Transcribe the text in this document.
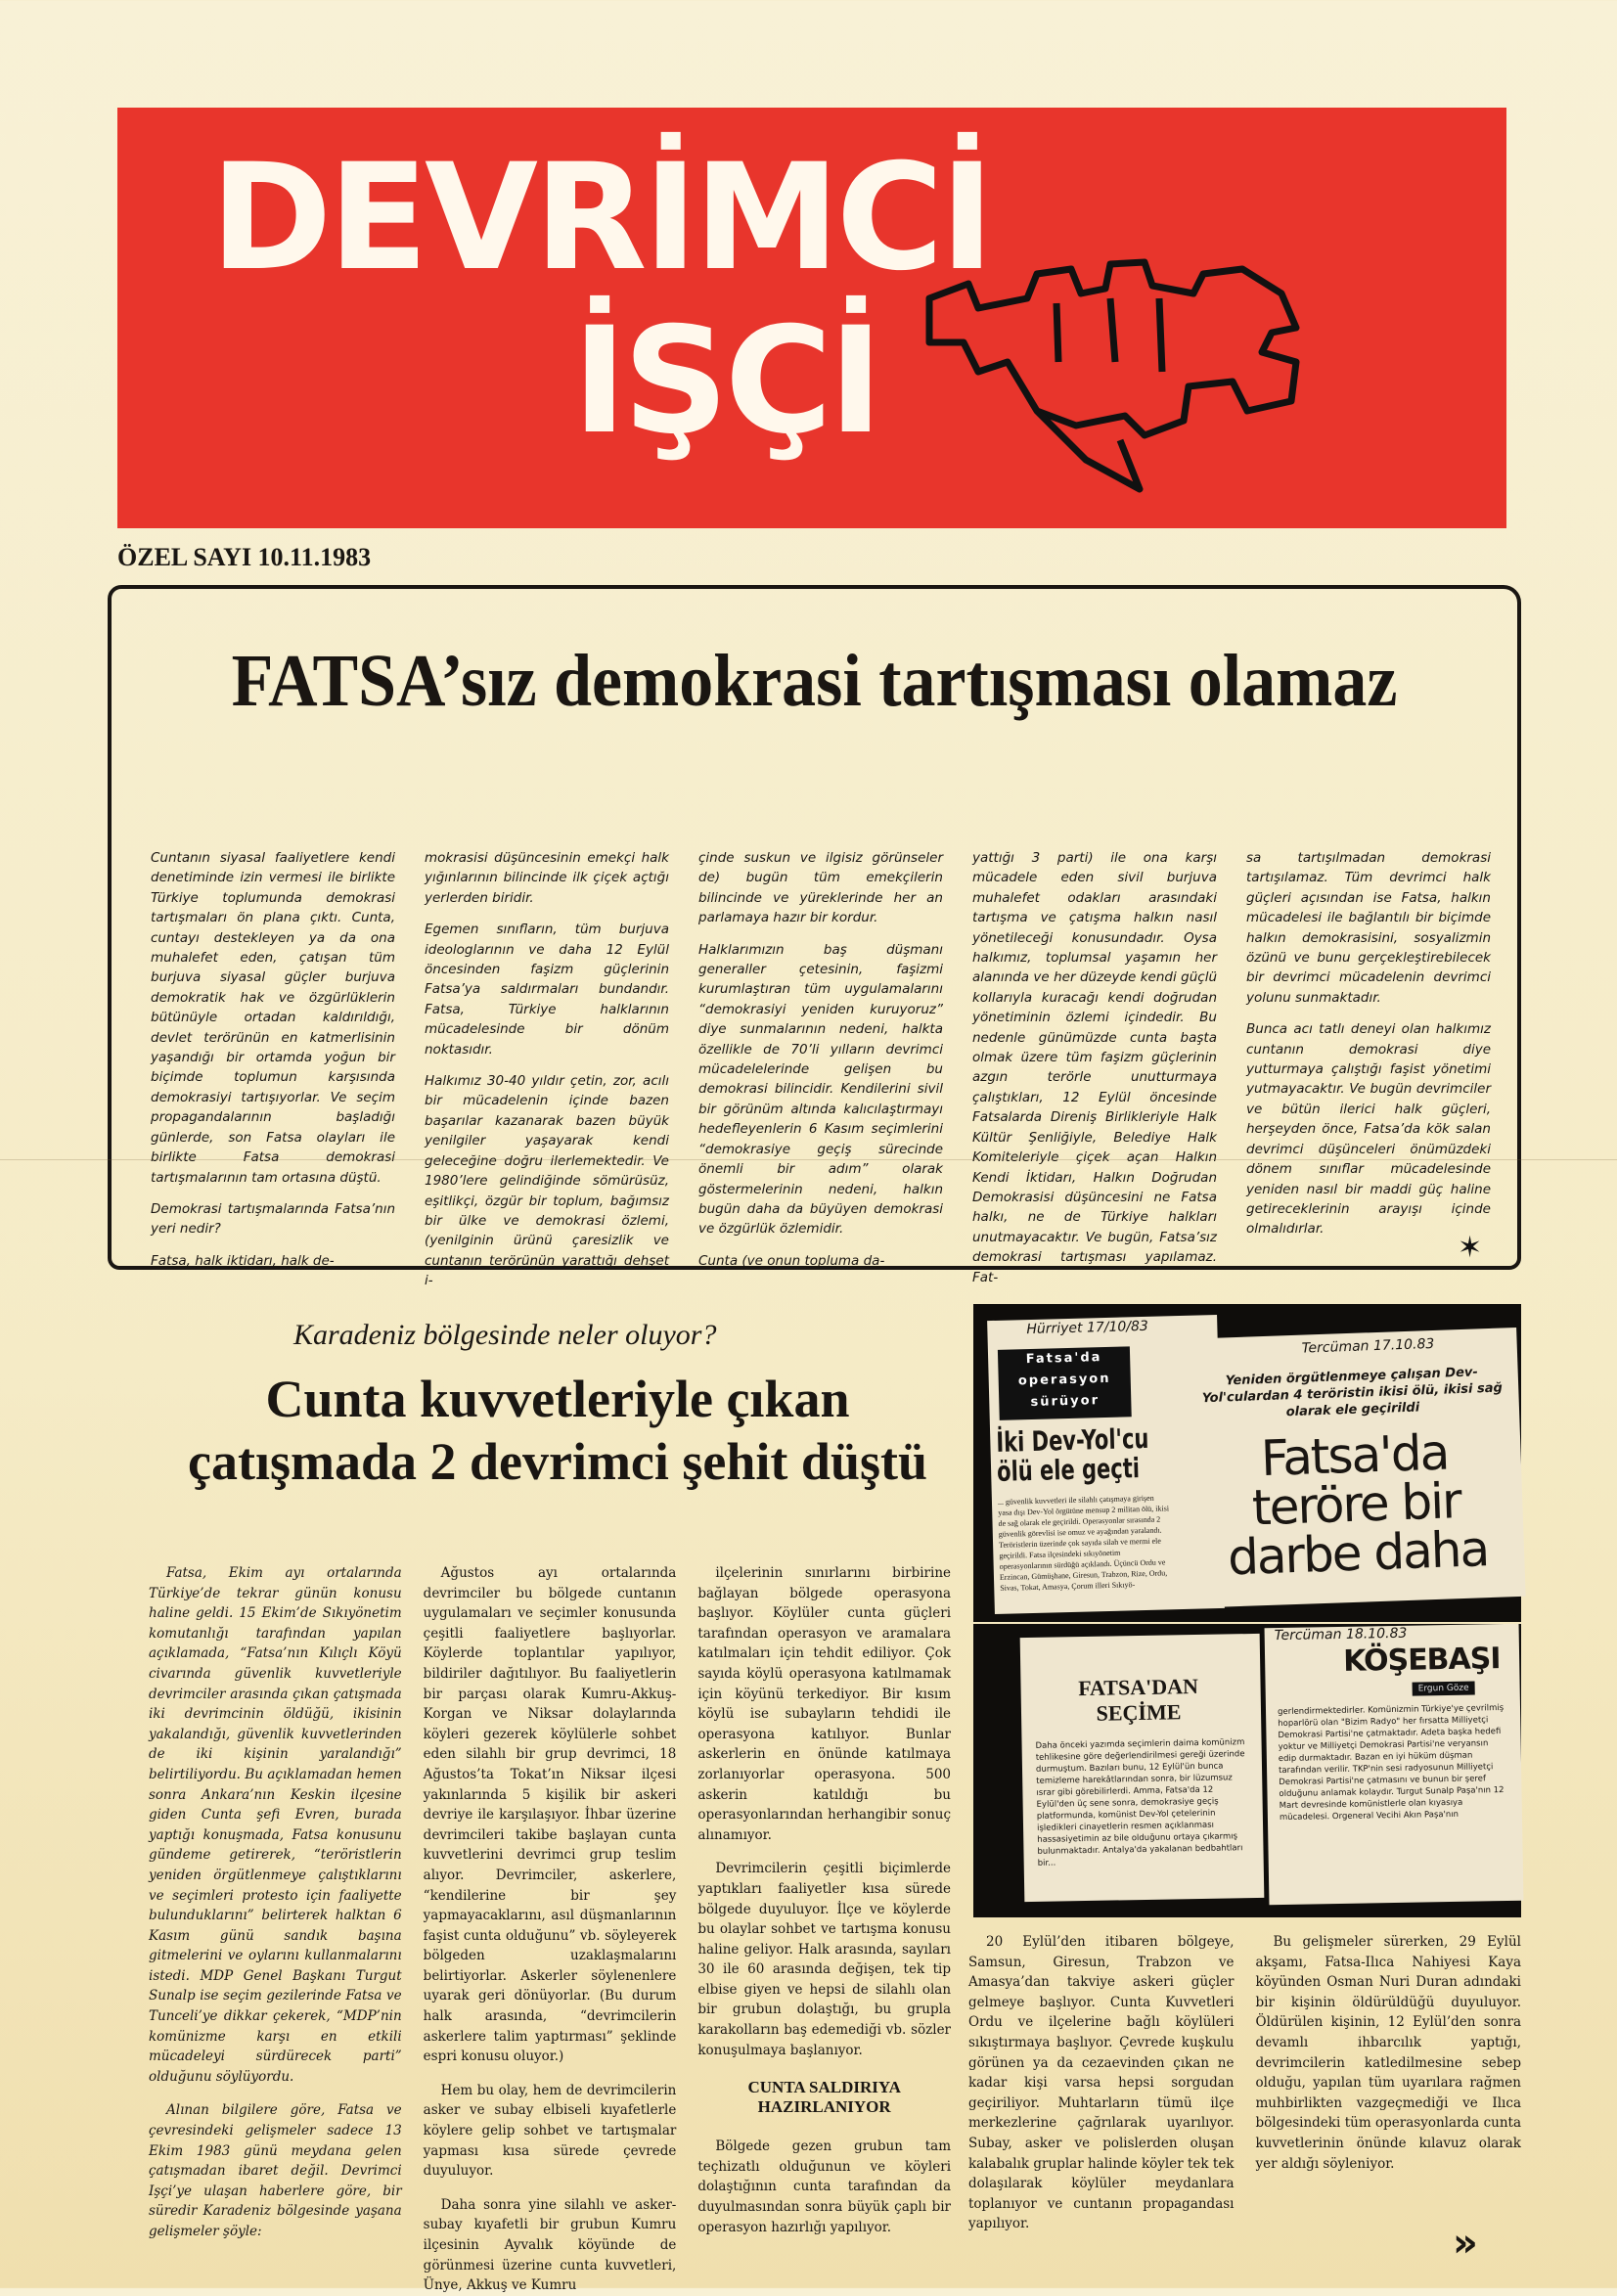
DEVRİMCİ
İŞÇİ
ÖZEL SAYI 10.11.1983
FATSA’sız demokrasi tartışması olamaz

Cuntanın siyasal faaliyetlere kendi denetiminde izin vermesi ile birlikte Türkiye toplumunda demokrasi tartışmaları ön plana çıktı. Cunta, cuntayı destekleyen ya da ona muhalefet eden, çatışan tüm burjuva siyasal güçler burjuva demokratik hak ve özgürlüklerin bütünüyle ortadan kaldırıldığı, devlet terörünün en katmerlisinin yaşandığı bir ortamda yoğun bir biçimde toplumun karşısında demokrasiyi tartışıyorlar. Ve seçim propagandalarının başladığı günlerde, son Fatsa olayları ile birlikte Fatsa demokrasi tartışmalarının tam ortasına düştü.

Demokrasi tartışmalarında Fatsa’nın yeri nedir?

Fatsa, halk iktidarı, halk de-

mokrasisi düşüncesinin emekçi halk yığınlarının bilincinde ilk çiçek açtığı yerlerden biridir.

Egemen sınıfların, tüm burjuva ideologlarının ve daha 12 Eylül öncesinden faşizm güçlerinin Fatsa’ya saldırmaları bundandır. Fatsa, Türkiye halklarının mücadelesinde bir dönüm noktasıdır.

Halkımız 30-40 yıldır çetin, zor, acılı bir mücadelenin içinde bazen başarılar kazanarak bazen büyük yenilgiler yaşayarak kendi geleceğine doğru ilerlemektedir. Ve 1980’lere gelindiğinde sömürüsüz, eşitlikçi, özgür bir toplum, bağımsız bir ülke ve demokrasi özlemi, (yenilginin ürünü çaresizlik ve cuntanın terörünün yarattığı dehşet i-

çinde suskun ve ilgisiz görünseler de) bugün tüm emekçilerin bilincinde ve yüreklerinde her an parlamaya hazır bir kordur.

Halklarımızın baş düşmanı generaller çetesinin, faşizmi kurumlaştıran tüm uygulamalarını “demokrasiyi yeniden kuruyoruz” diye sunmalarının nedeni, halkta özellikle de 70’li yılların devrimci mücadelelerinde gelişen bu demokrasi bilincidir. Kendilerini sivil bir görünüm altında kalıcılaştırmayı hedefleyenlerin 6 Kasım seçimlerini “demokrasiye geçiş sürecinde önemli bir adım” olarak göstermelerinin nedeni, halkın bugün daha da büyüyen demokrasi ve özgürlük özlemidir.

Cunta (ve onun topluma da-

yattığı 3 parti) ile ona karşı mücadele eden sivil burjuva muhalefet odakları arasındaki tartışma ve çatışma halkın nasıl yönetileceği konusundadır. Oysa halkımız, toplumsal yaşamın her alanında ve her düzeyde kendi güçlü kollarıyla kuracağı kendi doğrudan yönetiminin özlemi içindedir. Bu nedenle günümüzde cunta başta olmak üzere tüm faşizm güçlerinin azgın terörle unutturmaya çalıştıkları, 12 Eylül öncesinde Fatsalarda Direniş Birlikleriyle Halk Kültür Şenliğiyle, Belediye Halk Komiteleriyle çiçek açan Halkın Kendi İktidarı, Halkın Doğrudan Demokrasisi düşüncesini ne Fatsa halkı, ne de Türkiye halkları unutmayacaktır. Ve bugün, Fatsa’sız demokrasi tartışması yapılamaz. Fat-

sa tartışılmadan demokrasi tartışılamaz. Tüm devrimci halk güçleri açısından ise Fatsa, halkın mücadelesi ile bağlantılı bir biçimde halkın demokrasisini, sosyalizmin özünü ve bunu gerçekleştirebilecek bir devrimci mücadelenin devrimci yolunu sunmaktadır.

Bunca acı tatlı deneyi olan halkımız cuntanın demokrasi diye yutturmaya çalıştığı faşist yönetimi yutmayacaktır. Ve bugün devrimciler ve bütün ilerici halk güçleri, herşeyden önce, Fatsa’da kök salan devrimci düşünceleri önümüzdeki dönem sınıflar mücadelesinde yeniden nasıl bir maddi güç haline getireceklerinin arayışı içinde olmalıdırlar.

✶
Karadeniz bölgesinde neler oluyor?
Cunta kuvvetleriyle çıkan çatışmada 2 devrimci şehit düştü

Fatsa, Ekim ayı ortalarında Türkiye’de tekrar günün konusu haline geldi. 15 Ekim’de Sıkıyönetim komutanlığı tarafından yapılan açıklamada, “Fatsa’nın Kılıçlı Köyü civarında güvenlik kuvvetleriyle devrimciler arasında çıkan çatışmada iki devrimcinin öldüğü, ikisinin yakalandığı, güvenlik kuvvetlerinden de iki kişinin yaralandığı” belirtiliyordu. Bu açıklamadan hemen sonra Ankara’nın Keskin ilçesine giden Cunta şefi Evren, burada yaptığı konuşmada, Fatsa konusunu gündeme getirerek, “teröristlerin yeniden örgütlenmeye çalıştıklarını ve seçimleri protesto için faaliyette bulunduklarını” belirterek halktan 6 Kasım günü sandık başına gitmelerini ve oylarını kullanmalarını istedi. MDP Genel Başkanı Turgut Sunalp ise seçim gezilerinde Fatsa ve Tunceli’ye dikkar çekerek, “MDP’nin komünizme karşı en etkili mücadeleyi sürdürecek parti” olduğunu söylüyordu.

Alınan bilgilere göre, Fatsa ve çevresindeki gelişmeler sadece 13 Ekim 1983 günü meydana gelen çatışmadan ibaret değil. Devrimci Işçi’ye ulaşan haberlere göre, bir süredir Karadeniz bölgesinde yaşana gelişmeler şöyle:

Ağustos ayı ortalarında devrimciler bu bölgede cuntanın uygulamaları ve seçimler konusunda çeşitli faaliyetlere başlıyorlar. Köylerde toplantılar yapılıyor, bildiriler dağıtılıyor. Bu faaliyetlerin bir parçası olarak Kumru-Akkuş-Korgan ve Niksar dolaylarında köyleri gezerek köylülerle sohbet eden silahlı bir grup devrimci, 18 Ağustos’ta Tokat’ın Niksar ilçesi yakınlarında 5 kişilik bir askeri devriye ile karşılaşıyor. İhbar üzerine devrimcileri takibe başlayan cunta kuvvetlerini devrimci grup teslim alıyor. Devrimciler, askerlere, “kendilerine bir şey yapmayacaklarını, asıl düşmanlarının faşist cunta olduğunu” vb. söyleyerek bölgeden uzaklaşmalarını belirtiyorlar. Askerler söylenenlere uyarak geri dönüyorlar. (Bu durum halk arasında, “devrimcilerin askerlere talim yaptırması” şeklinde espri konusu oluyor.)

Hem bu olay, hem de devrimcilerin asker ve subay elbiseli kıyafetlerle köylere gelip sohbet ve tartışmalar yapması kısa sürede çevrede duyuluyor.

Daha sonra yine silahlı ve asker-subay kıyafetli bir grubun Kumru ilçesinin Ayvalık köyünde de görünmesi üzerine cunta kuvvetleri, Ünye, Akkuş ve Kumru

ilçelerinin sınırlarını birbirine bağlayan bölgede operasyona başlıyor. Köylüler cunta güçleri tarafından operasyon ve aramalara katılmaları için tehdit ediliyor. Çok sayıda köylü operasyona katılmamak için köyünü terkediyor. Bir kısım köylü ise subayların tehdidi ile operasyona katılıyor. Bunlar askerlerin en önünde katılmaya zorlanıyorlar operasyona. 500 askerin katıldığı bu operasyonlarından herhangibir sonuç alınamıyor.

Devrimcilerin çeşitli biçimlerde yaptıkları faaliyetler kısa sürede bölgede duyuluyor. İlçe ve köylerde bu olaylar sohbet ve tartışma konusu haline geliyor. Halk arasında, sayıları 30 ile 60 arasında değişen, tek tip elbise giyen ve hepsi de silahlı olan bir grubun dolaştığı, bu grupla karakolların baş edemediği vb. sözler konuşulmaya başlanıyor.

CUNTA SALDIRIYA HAZIRLANIYOR

Bölgede gezen grubun tam teçhizatlı olduğunun ve köyleri dolaştığının cunta tarafından da duyulmasından sonra büyük çaplı bir operasyon hazırlığı yapılıyor.

Hürriyet 17/10/83
Fatsa'da operasyon sürüyor
İki Dev-Yol'cu ölü ele geçti
... güvenlik kuvvetleri ile silahlı çatışmaya girişen yasa dışı Dev-Yol örgütüne mensup 2 militan ölü, ikisi de sağ olarak ele geçirildi. Operasyonlar sırasında 2 güvenlik görevlisi ise omuz ve ayağından yaralandı. Teröristlerin üzerinde çok sayıda silah ve mermi ele geçirildi. Fatsa ilçesindeki sıkıyönetim operasyonlarının sürdüğü açıklandı. Üçüncü Ordu ve Erzincan, Gümüşhane, Giresun, Trabzon, Rize, Ordu, Sivas, Tokat, Amasya, Çorum illeri Sıkıyö-
Tercüman 17.10.83
Yeniden örgütlenmeye çalışan Dev-Yol'culardan 4 teröristin ikisi ölü, ikisi sağ olarak ele geçirildi
Fatsa'da teröre bir darbe daha
FATSA'DAN SEÇİME
Daha önceki yazımda seçimlerin daima komünizm tehlikesine göre değerlendirilmesi gereği üzerinde durmuştum. Bazıları bunu, 12 Eylül'ün bunca temizleme harekâtlarından sonra, bir lüzumsuz ısrar gibi görebilirlerdi. Amma, Fatsa'da 12 Eylül'den üç sene sonra, demokrasiye geçiş platformunda, komünist Dev-Yol çetelerinin işledikleri cinayetlerin resmen açıklanması hassasiyetimin az bile olduğunu ortaya çıkarmış bulunmaktadır. Antalya'da yakalanan bedbahtları bir...
Tercüman 18.10.83
KÖŞEBAŞI
Ergun Göze
gerlendirmektedirler. Komünizmin Türkiye'ye çevrilmiş hoparlörü olan "Bizim Radyo" her fırsatta Milliyetçi Demokrasi Partisi'ne çatmaktadır. Adeta başka hedefi yoktur ve Milliyetçi Demokrasi Partisi'ne veryansın edip durmaktadır. Bazan en iyi hüküm düşman tarafından verilir. TKP'nin sesi radyosunun Milliyetçi Demokrasi Partisi'ne çatmasını ve bunun bir şeref olduğunu anlamak kolaydır. Turgut Sunalp Paşa'nın 12 Mart devresinde komünistlerle olan kıyasıya mücadelesi. Orgeneral Vecihi Akın Paşa'nın

20 Eylül’den itibaren bölgeye, Samsun, Giresun, Trabzon ve Amasya’dan takviye askeri güçler gelmeye başlıyor. Cunta Kuvvetleri Ordu ve ilçelerine bağlı köylüleri sıkıştırmaya başlıyor. Çevrede kuşkulu görünen ya da cezaevinden çıkan ne kadar kişi varsa hepsi sorgudan geçiriliyor. Muhtarların tümü ilçe merkezlerine çağrılarak uyarılıyor. Subay, asker ve polislerden oluşan kalabalık gruplar halinde köyler tek tek dolaşılarak köylüler meydanlara toplanıyor ve cuntanın propagandası yapılıyor.

Bu gelişmeler sürerken, 29 Eylül akşamı, Fatsa-Ilıca Nahiyesi Kaya köyünden Osman Nuri Duran adındaki bir kişinin öldürüldüğü duyuluyor. Öldürülen kişinin, 12 Eylül’den sonra devamlı ihbarcılık yaptığı, devrimcilerin katledilmesine sebep olduğu, yapılan tüm uyarılara rağmen muhbirlikten vazgeçmediği ve Ilıca bölgesindeki tüm operasyonlarda cunta kuvvetlerinin önünde kılavuz olarak yer aldığı söyleniyor.

»
